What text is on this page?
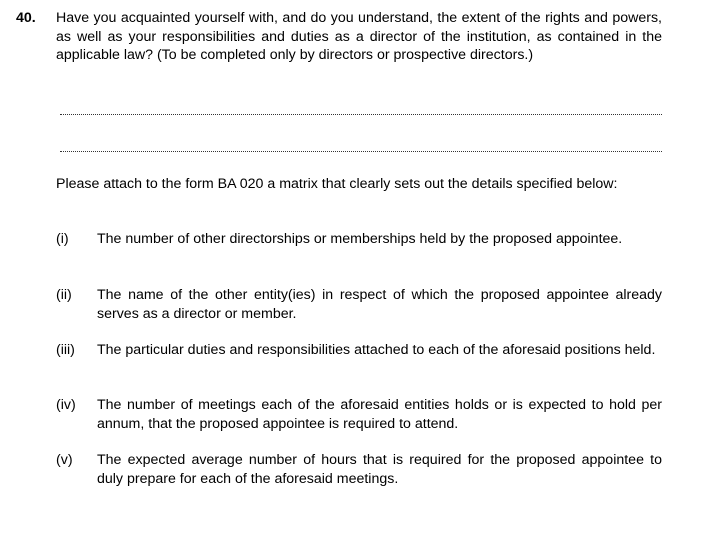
40. Have you acquainted yourself with, and do you understand, the extent of the rights and powers, as well as your responsibilities and duties as a director of the institution, as contained in the applicable law? (To be completed only by directors or prospective directors.)
Please attach to the form BA 020 a matrix that clearly sets out the details specified below:
(i) The number of other directorships or memberships held by the proposed appointee.
(ii) The name of the other entity(ies) in respect of which the proposed appointee already serves as a director or member.
(iii) The particular duties and responsibilities attached to each of the aforesaid positions held.
(iv) The number of meetings each of the aforesaid entities holds or is expected to hold per annum, that the proposed appointee is required to attend.
(v) The expected average number of hours that is required for the proposed appointee to duly prepare for each of the aforesaid meetings.
